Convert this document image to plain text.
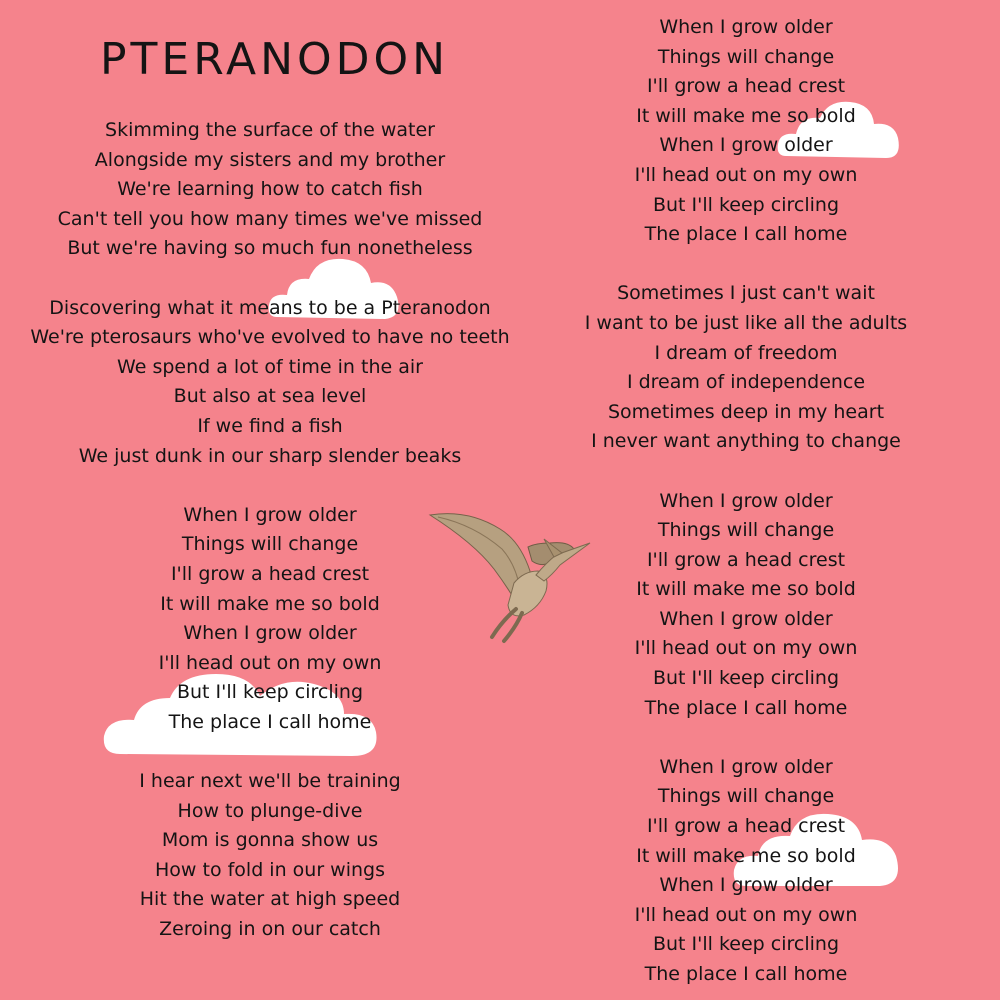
PTERANODON

Skimming the surface of the water

Alongside my sisters and my brother

We're learning how to catch fish

Can't tell you how many times we've missed

But we're having so much fun nonetheless

Discovering what it means to be a Pteranodon

We're pterosaurs who've evolved to have no teeth

We spend a lot of time in the air

But also at sea level

If we find a fish

We just dunk in our sharp slender beaks

When I grow older

Things will change

I'll grow a head crest

It will make me so bold

When I grow older

I'll head out on my own

But I'll keep circling

The place I call home

I hear next we'll be training

How to plunge-dive

Mom is gonna show us

How to fold in our wings

Hit the water at high speed

Zeroing in on our catch

When I grow older

Things will change

I'll grow a head crest

It will make me so bold

When I grow older

I'll head out on my own

But I'll keep circling

The place I call home

Sometimes I just can't wait

I want to be just like all the adults

I dream of freedom

I dream of independence

Sometimes deep in my heart

I never want anything to change

When I grow older

Things will change

I'll grow a head crest

It will make me so bold

When I grow older

I'll head out on my own

But I'll keep circling

The place I call home

When I grow older

Things will change

I'll grow a head crest

It will make me so bold

When I grow older

I'll head out on my own

But I'll keep circling

The place I call home
